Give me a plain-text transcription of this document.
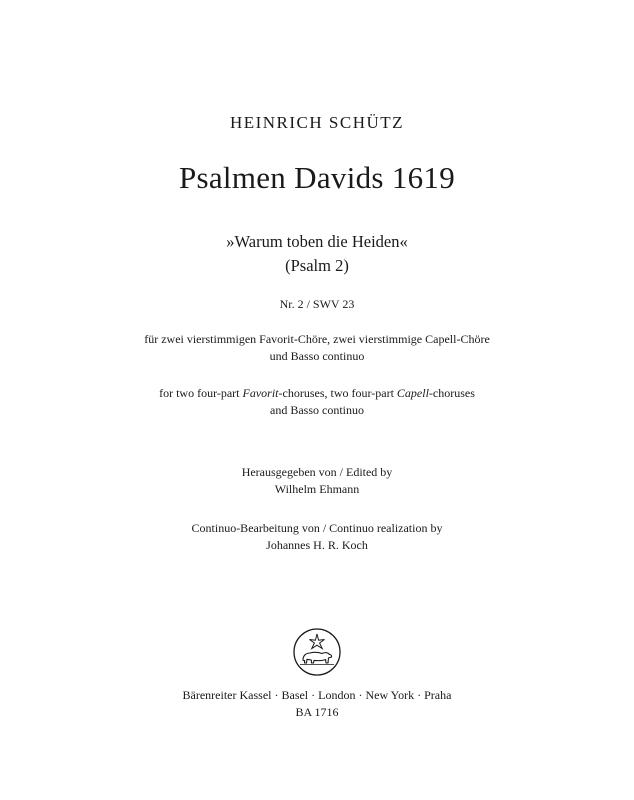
HEINRICH SCHÜTZ
Psalmen Davids 1619
»Warum toben die Heiden«
(Psalm 2)
Nr. 2 / SWV 23
für zwei vierstimmigen Favorit-Chöre, zwei vierstimmige Capell-Chöre
und Basso continuo
for two four-part Favorit-choruses, two four-part Capell-choruses
and Basso continuo
Herausgegeben von / Edited by
Wilhelm Ehmann
Continuo-Bearbeitung von / Continuo realization by
Johannes H. R. Koch
Bärenreiter Kassel · Basel · London · New York · Praha
BA 1716
